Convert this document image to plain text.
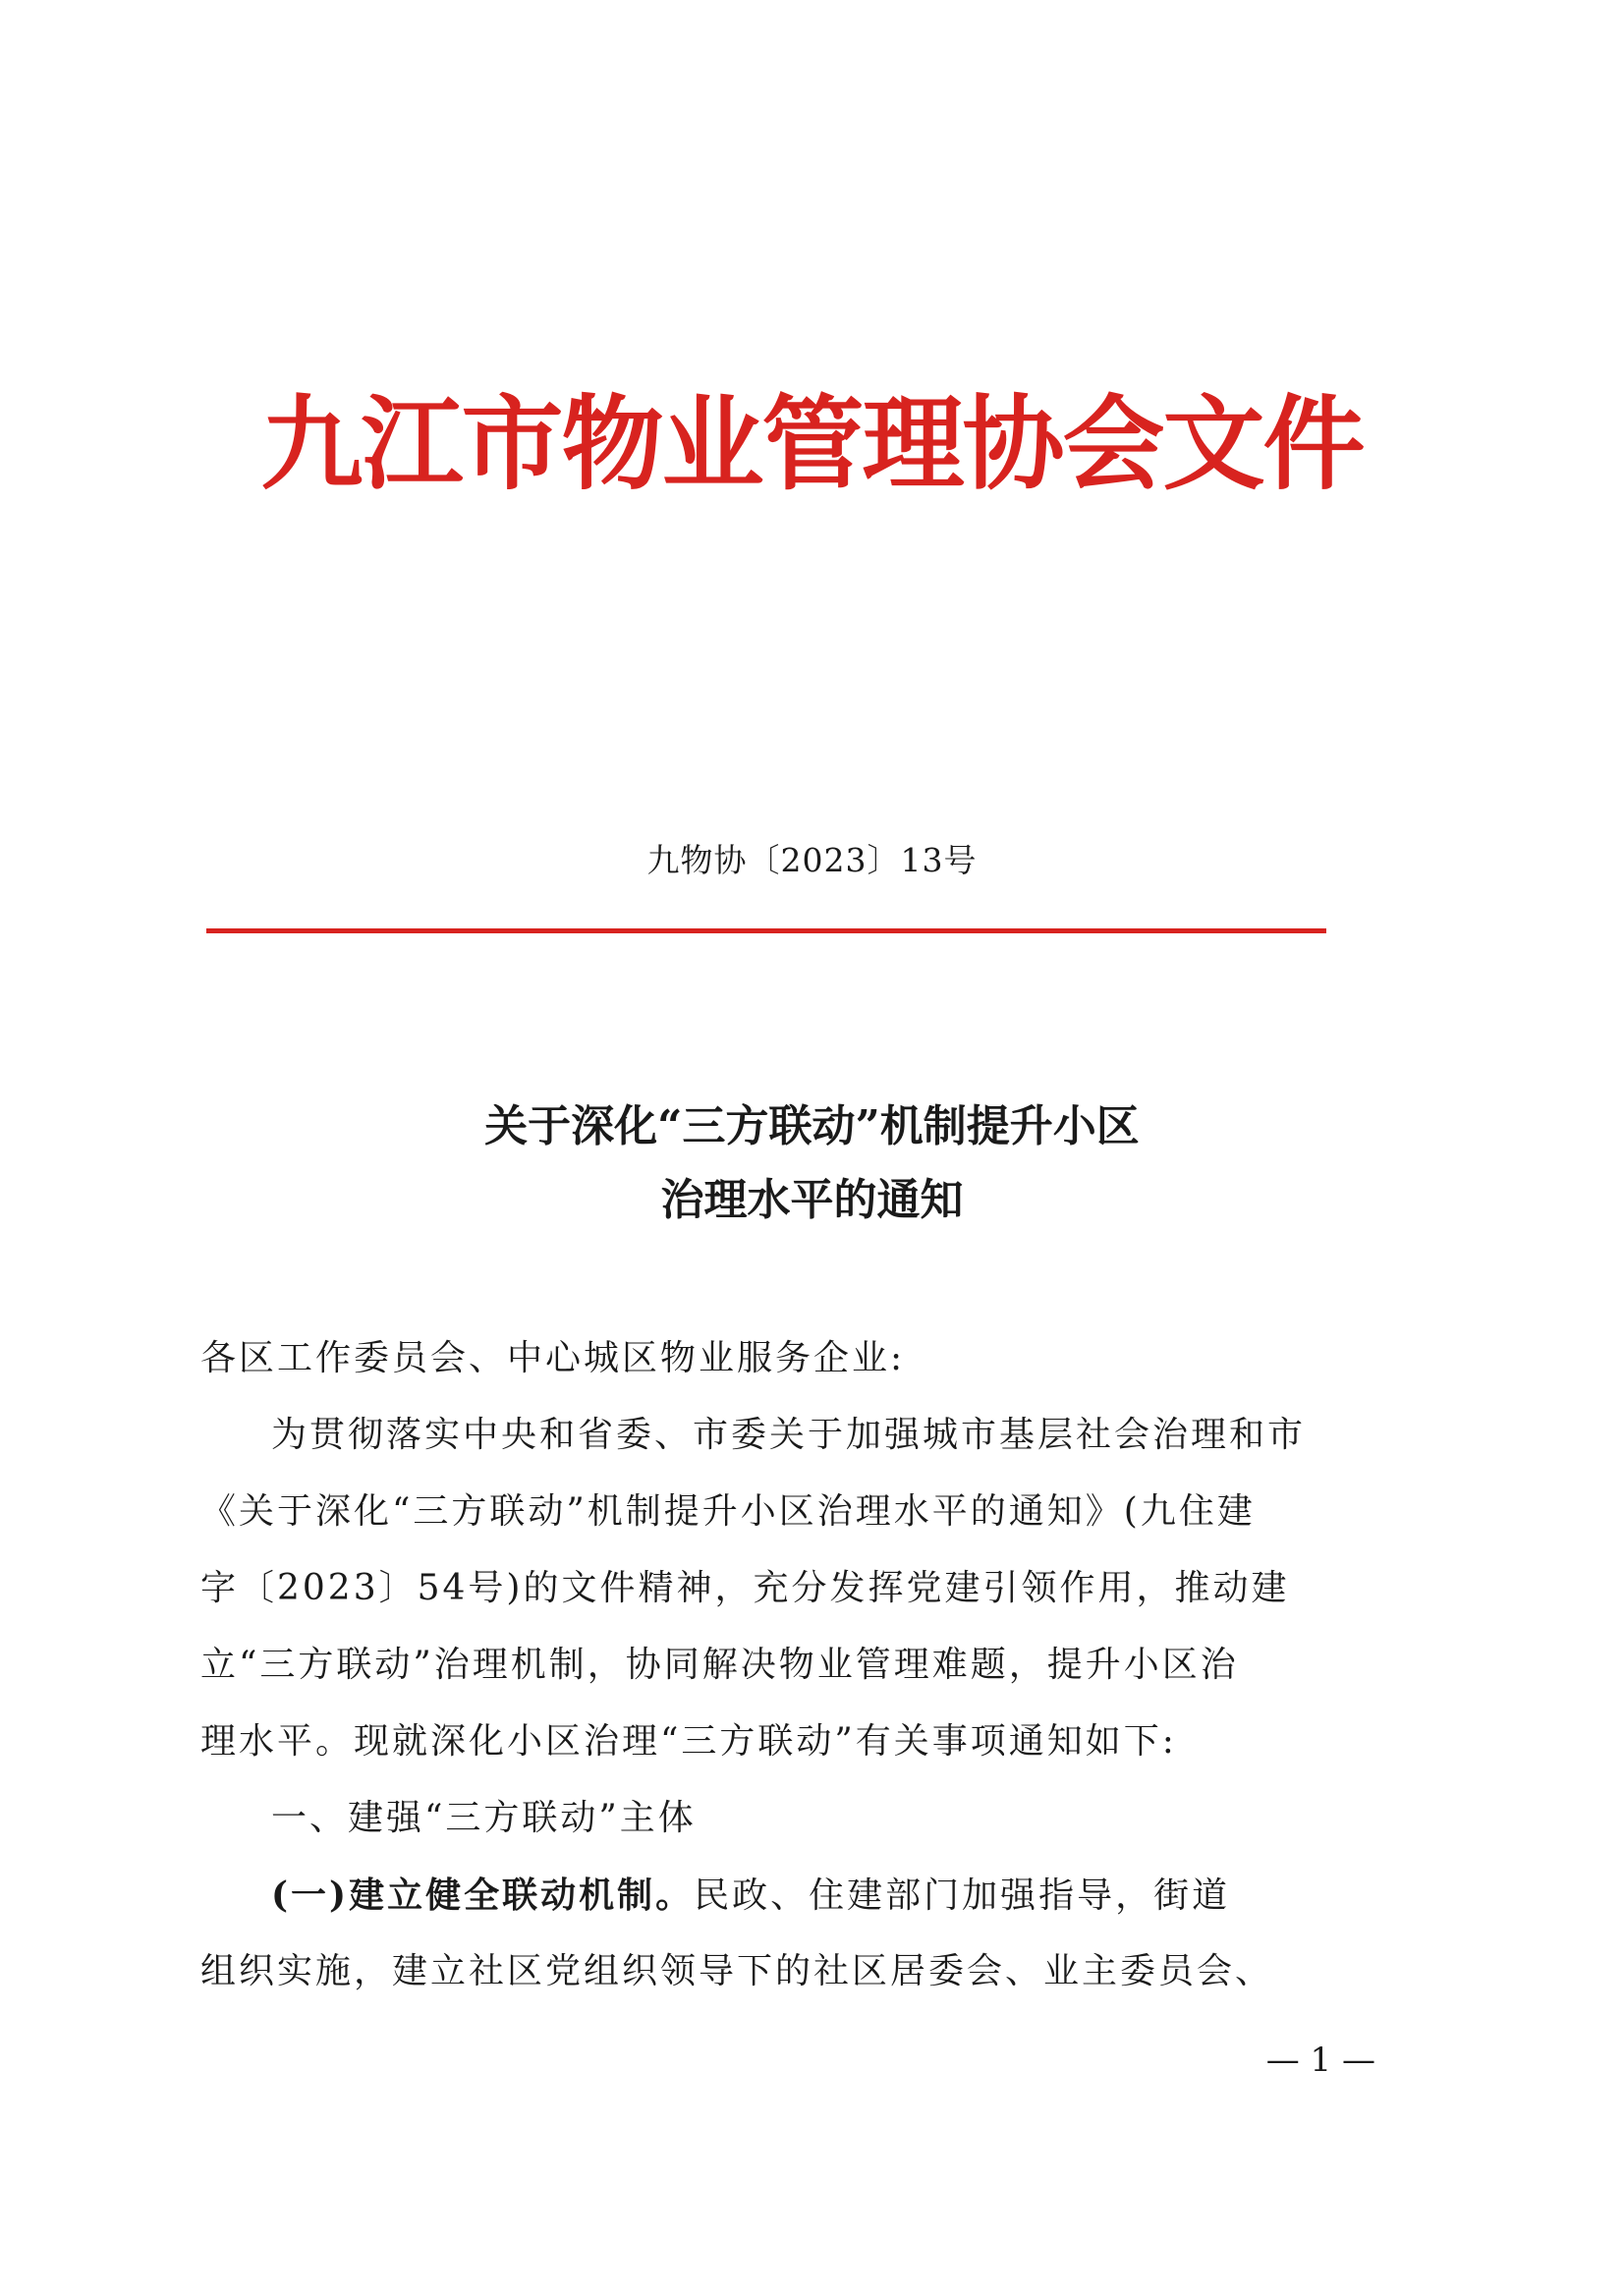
九江市物业管理协会文件
九物协〔2023〕13号
关于深化“三方联动”机制提升小区
治理水平的通知
各区工作委员会、中心城区物业服务企业:
为贯彻落实中央和省委、市委关于加强城市基层社会治理和市
《关于深化“三方联动”机制提升小区治理水平的通知》(九住建
字〔2023〕54号)的文件精神，充分发挥党建引领作用，推动建
立“三方联动”治理机制，协同解决物业管理难题，提升小区治
理水平。现就深化小区治理“三方联动”有关事项通知如下:
一、建强“三方联动”主体
(一)建立健全联动机制。民政、住建部门加强指导，街道
组织实施，建立社区党组织领导下的社区居委会、业主委员会、
— 1 —
